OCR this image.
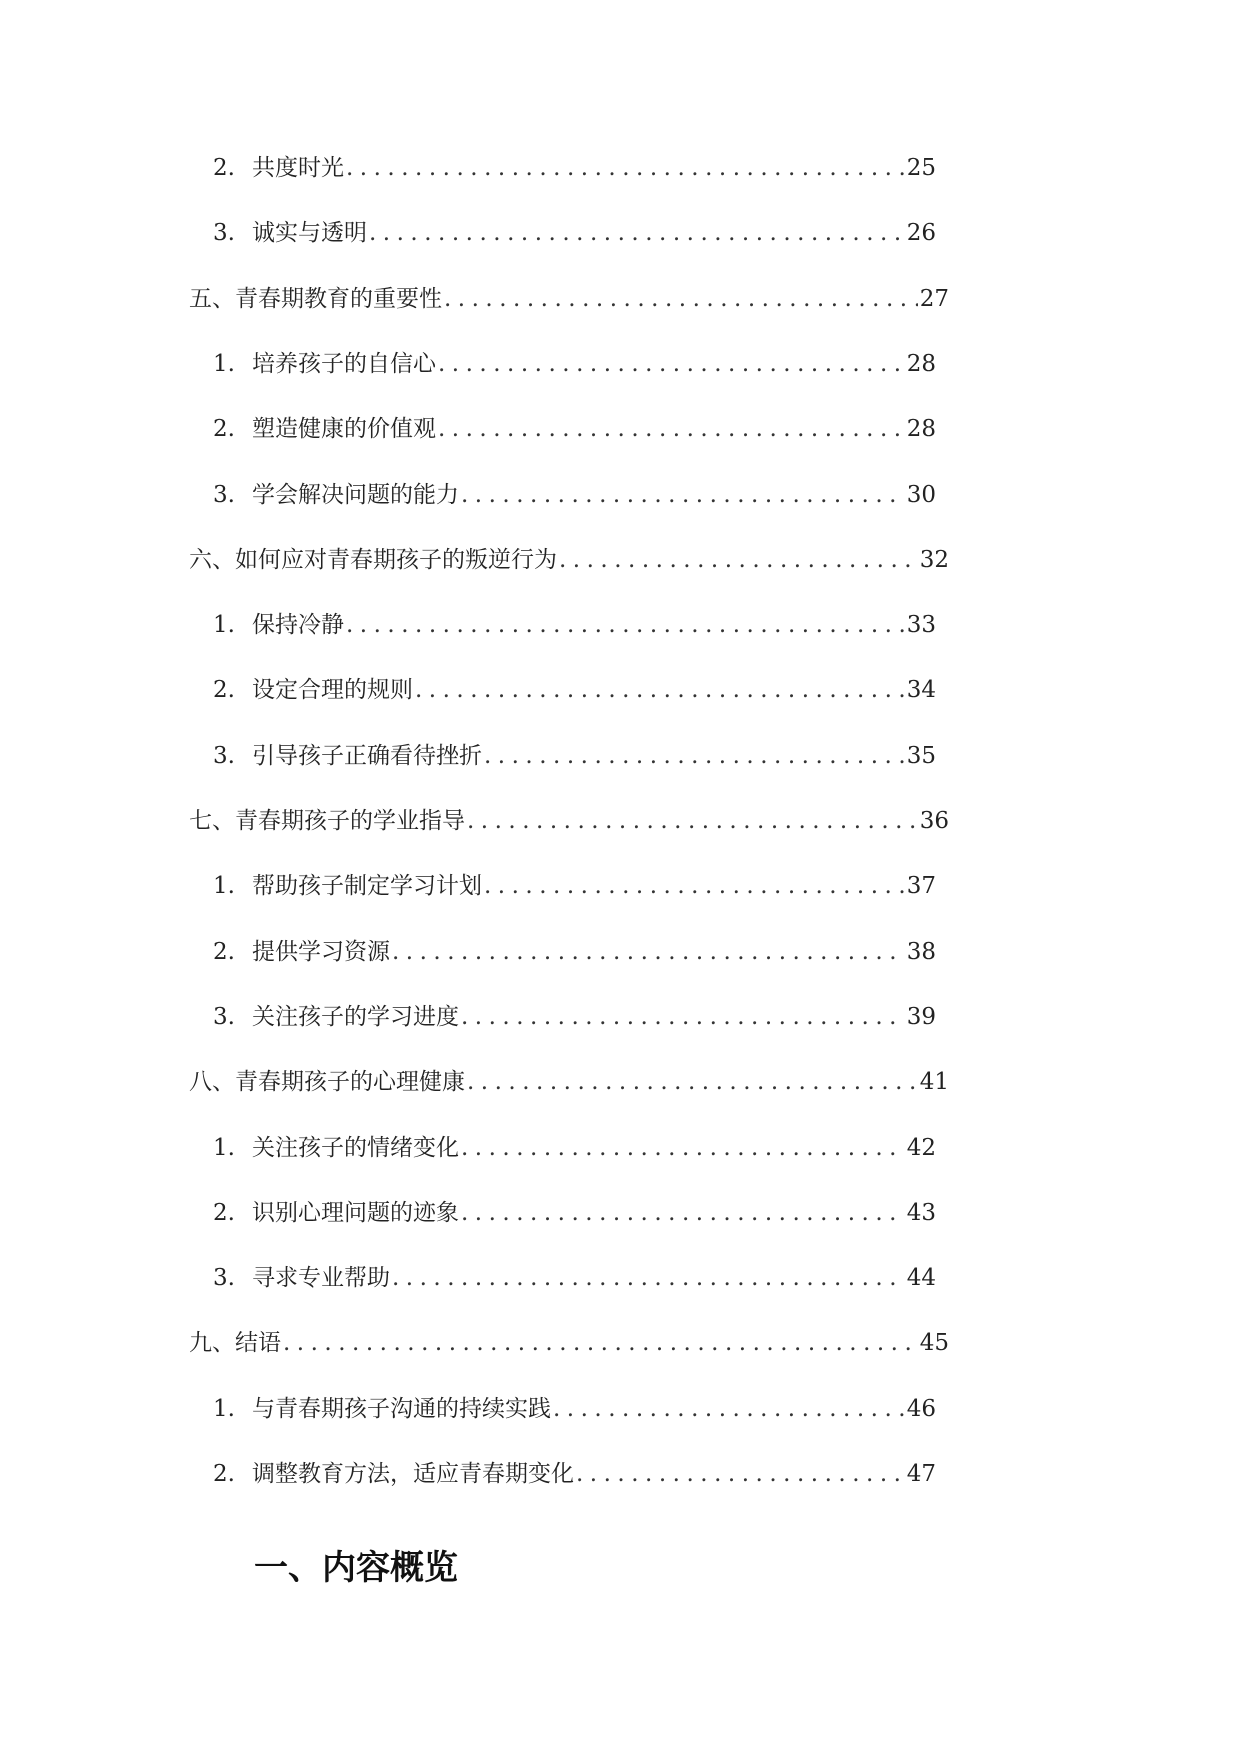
2. 共度时光 .....	25
3. 诚实与透明 .....	26
五、青春期教育的重要性 .....	27
1. 培养孩子的自信心 .....	28
2. 塑造健康的价值观 .....	28
3. 学会解决问题的能力 .....	30
六、如何应对青春期孩子的叛逆行为 .....	32
1. 保持冷静 .....	33
2. 设定合理的规则 .....	34
3. 引导孩子正确看待挫折 .....	35
七、青春期孩子的学业指导 .....	36
1. 帮助孩子制定学习计划 .....	37
2. 提供学习资源 .....	38
3. 关注孩子的学习进度 .....	39
八、青春期孩子的心理健康 .....	41
1. 关注孩子的情绪变化 .....	42
2. 识别心理问题的迹象 .....	43
3. 寻求专业帮助 .....	44
九、结语 .....	45
1. 与青春期孩子沟通的持续实践 .....	46
2. 调整教育方法，适应青春期变化 .....	47
一、内容概览
